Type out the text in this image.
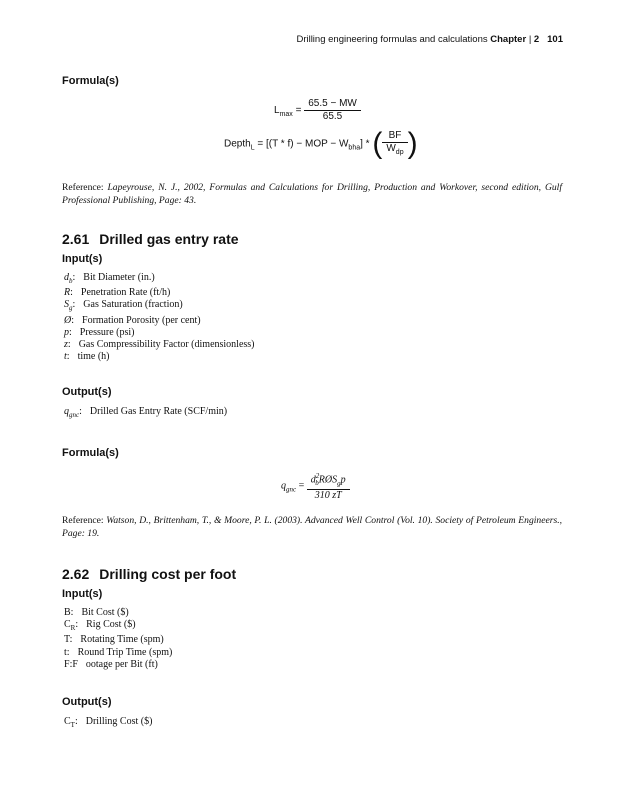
Drilling engineering formulas and calculations Chapter | 2 101
Formula(s)
$L_{max} = \frac{65.5 - MW}{65.5}$
Depth$_L$ = [(T * f) − MOP − $W_{bha}$] * ( $\frac{BF}{W_{dp}}$ )
Reference: Lapeyrouse, N. J., 2002, Formulas and Calculations for Drilling, Production and Workover, second edition, Gulf Professional Publishing, Page: 43.
2.61 Drilled gas entry rate
Input(s)
$d_b$: Bit Diameter (in.)
R: Penetration Rate (ft/h)
$S_g$: Gas Saturation (fraction)
Ø: Formation Porosity (per cent)
p: Pressure (psi)
z: Gas Compressibility Factor (dimensionless)
t: time (h)
Output(s)
$q_{gnc}$: Drilled Gas Entry Rate (SCF/min)
Formula(s)
$q_{gnc} = \frac{d^2_bRØS_gp}{310 zT}$
Reference: Watson, D., Brittenham, T., & Moore, P. L. (2003). Advanced Well Control (Vol. 10). Society of Petroleum Engineers., Page: 19.
2.62 Drilling cost per foot
Input(s)
B: Bit Cost ($)
$C_R$: Rig Cost ($)
T: Rotating Time (spm)
t: Round Trip Time (spm)
F:F ootage per Bit (ft)
Output(s)
$C_T$: Drilling Cost ($)
